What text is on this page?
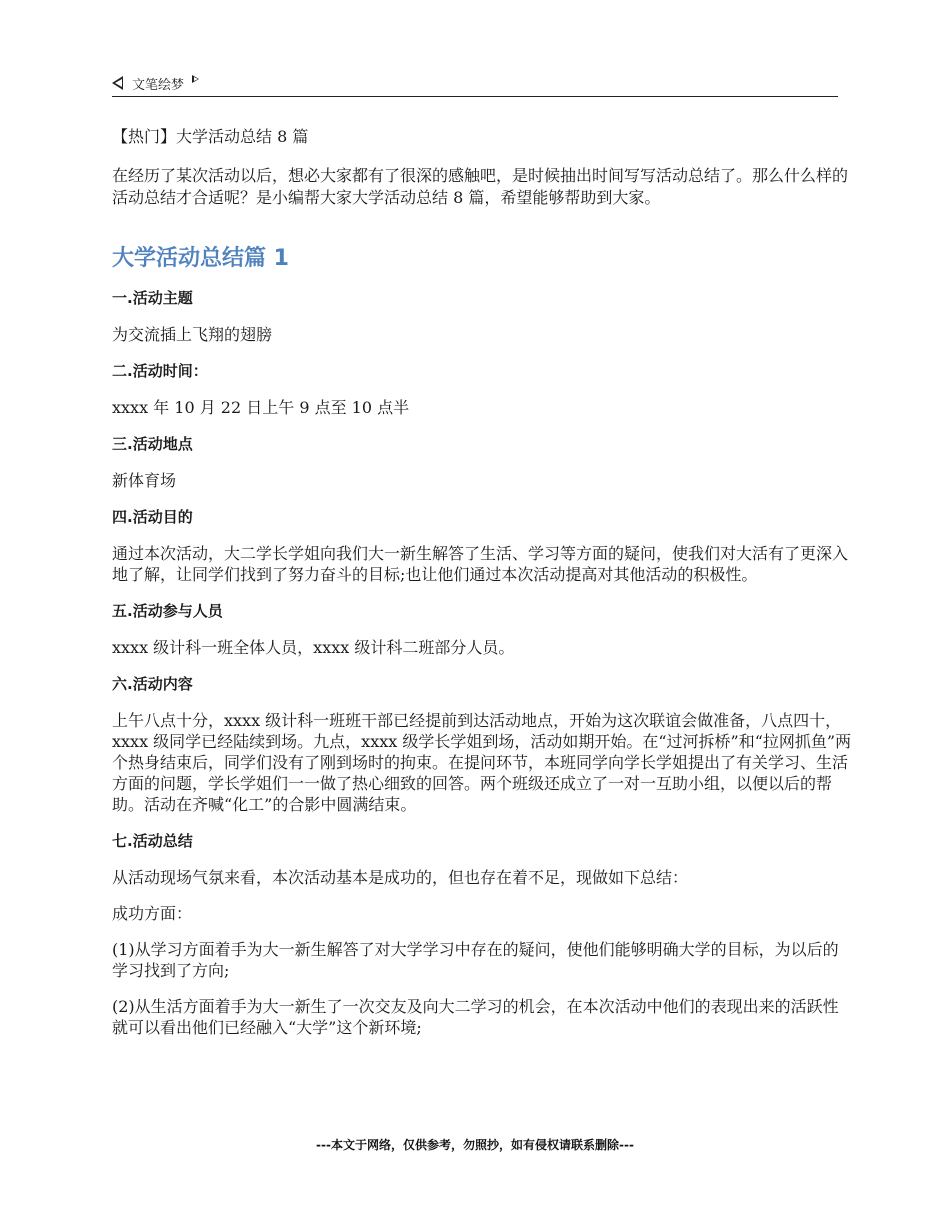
文笔绘梦
【热门】大学活动总结 8 篇
在经历了某次活动以后，想必大家都有了很深的感触吧，是时候抽出时间写写活动总结了。那么什么样的活动总结才合适呢？是小编帮大家大学活动总结 8 篇，希望能够帮助到大家。
大学活动总结篇 1
一.活动主题
为交流插上飞翔的翅膀
二.活动时间：
xxxx 年 10 月 22 日上午 9 点至 10 点半
三.活动地点
新体育场
四.活动目的
通过本次活动，大二学长学姐向我们大一新生解答了生活、学习等方面的疑问，使我们对大活有了更深入地了解，让同学们找到了努力奋斗的目标;也让他们通过本次活动提高对其他活动的积极性。
五.活动参与人员
xxxx 级计科一班全体人员，xxxx 级计科二班部分人员。
六.活动内容
上午八点十分，xxxx 级计科一班班干部已经提前到达活动地点，开始为这次联谊会做准备，八点四十，xxxx 级同学已经陆续到场。九点，xxxx 级学长学姐到场，活动如期开始。在“过河拆桥”和“拉网抓鱼”两个热身结束后，同学们没有了刚到场时的拘束。在提问环节，本班同学向学长学姐提出了有关学习、生活方面的问题，学长学姐们一一做了热心细致的回答。两个班级还成立了一对一互助小组，以便以后的帮助。活动在齐喊“化工”的合影中圆满结束。
七.活动总结
从活动现场气氛来看，本次活动基本是成功的，但也存在着不足，现做如下总结：
成功方面：
(1)从学习方面着手为大一新生解答了对大学学习中存在的疑问，使他们能够明确大学的目标，为以后的学习找到了方向;
(2)从生活方面着手为大一新生了一次交友及向大二学习的机会，在本次活动中他们的表现出来的活跃性就可以看出他们已经融入“大学”这个新环境;
---本文于网络，仅供参考，勿照抄，如有侵权请联系删除---
